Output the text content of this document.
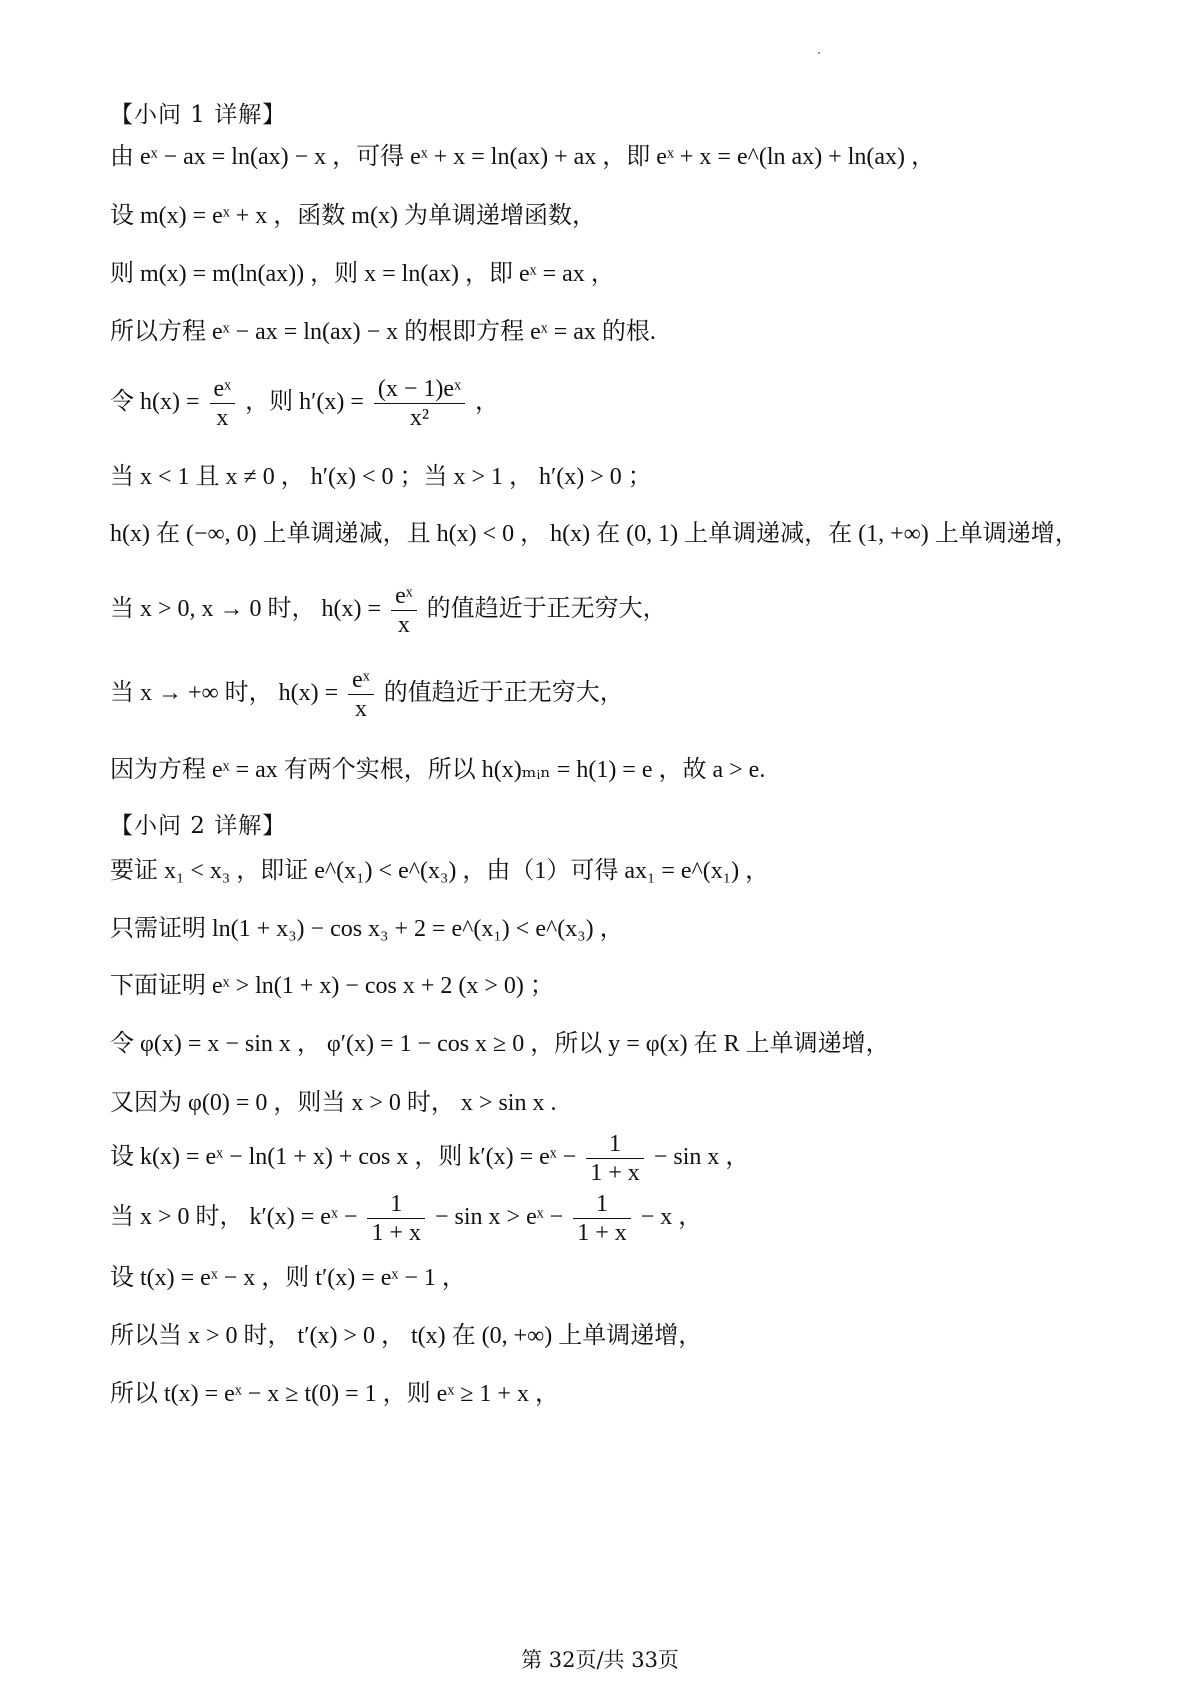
【小问 1 详解】
由 eˣ − ax = ln(ax) − x ，可得 eˣ + x = ln(ax) + ax ，即 eˣ + x = e^(ln ax) + ln(ax) ，
设 m(x) = eˣ + x ，函数 m(x) 为单调递增函数，
则 m(x) = m(ln(ax)) ，则 x = ln(ax) ，即 eˣ = ax ，
所以方程 eˣ − ax = ln(ax) − x 的根即方程 eˣ = ax 的根.
令 $h(x) = \frac{\text{eˣ}}{x}$ ，则 $h'(x) = \frac{\text{(x − 1)eˣ}}{\text{x²}}$ ，
当 x < 1 且 x ≠ 0 ， h′(x) < 0 ；当 x > 1 ， h′(x) > 0 ；
h(x) 在 (−∞, 0) 上单调递减，且 h(x) < 0 ， h(x) 在 (0, 1) 上单调递减，在 (1, +∞) 上单调递增，
当 x > 0, x → 0 时， $h(x) = \frac{\text{eˣ}}{x}$ 的值趋近于正无穷大，
当 x → +∞ 时， $h(x) = \frac{\text{eˣ}}{x}$ 的值趋近于正无穷大，
因为方程 eˣ = ax 有两个实根，所以 h(x)ₘᵢₙ = h(1) = e ，故 a > e.
【小问 2 详解】
要证 x₁ < x₃ ，即证 e^(x₁) < e^(x₃) ，由（1）可得 ax₁ = e^(x₁) ，
只需证明 ln(1 + x₃) − cos x₃ + 2 = e^(x₁) < e^(x₃) ，
下面证明 eˣ > ln(1 + x) − cos x + 2 (x > 0) ；
令 φ(x) = x − sin x ， φ′(x) = 1 − cos x ≥ 0 ，所以 y = φ(x) 在 R 上单调递增，
又因为 φ(0) = 0 ，则当 x > 0 时， x > sin x .
设 k(x) = eˣ − ln(1 + x) + cos x ，则 k′(x) = eˣ − $\frac{1}{1 + x} - \sin x$ ，
当 x > 0 时， k′(x) = eˣ − $\frac{1}{1 + x} - \sin x$ > eˣ − $\frac{1}{1 + x} - x$ ，
设 t(x) = eˣ − x ，则 t′(x) = eˣ − 1 ，
所以当 x > 0 时， t′(x) > 0 ， t(x) 在 (0, +∞) 上单调递增，
所以 t(x) = eˣ − x ≥ t(0) = 1 ，则 eˣ ≥ 1 + x ，
第 32页/共 33页
